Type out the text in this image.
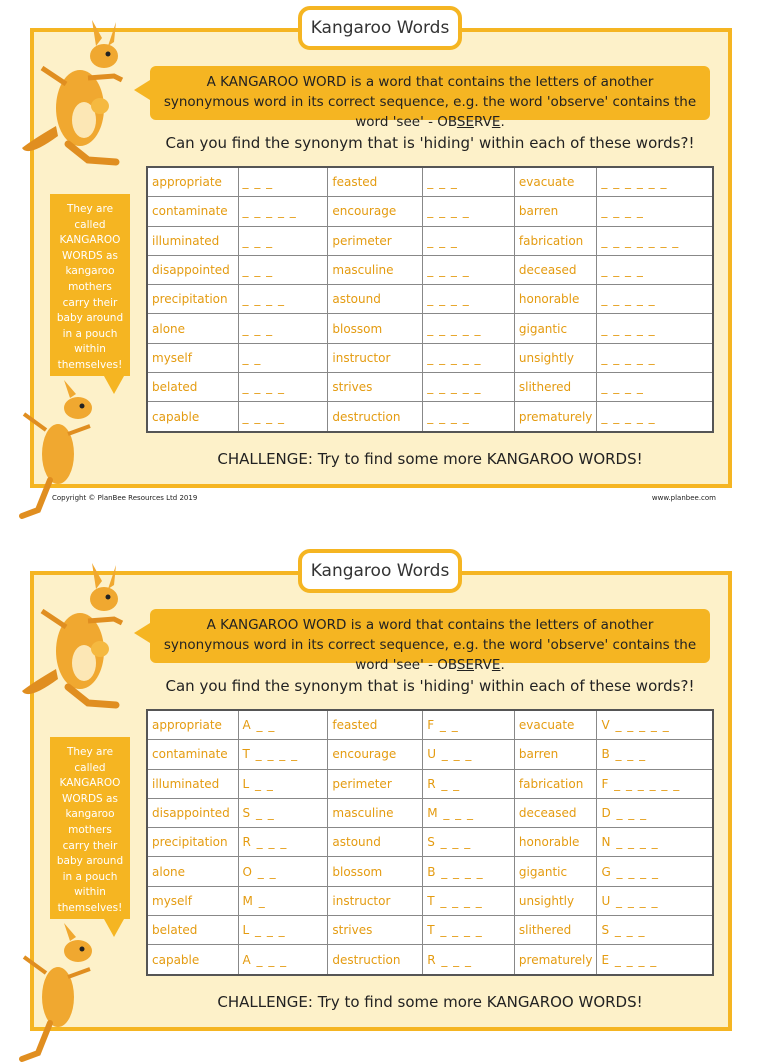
Kangaroo Words
A KANGAROO WORD is a word that contains the letters of another synonymous word in its correct sequence, e.g. the word 'observe' contains the word 'see' - OBSERVE.
Can you find the synonym that is 'hiding' within each of these words?!
They are called KANGAROO WORDS as kangaroo mothers carry their baby around in a pouch within themselves!
appropriate	_ _ _	feasted	_ _ _	evacuate	_ _ _ _ _ _
contaminate	_ _ _ _ _	encourage	_ _ _ _	barren	_ _ _ _
illuminated	_ _ _	perimeter	_ _ _	fabrication	_ _ _ _ _ _ _
disappointed	_ _ _	masculine	_ _ _ _	deceased	_ _ _ _
precipitation	_ _ _ _	astound	_ _ _ _	honorable	_ _ _ _ _
alone	_ _ _	blossom	_ _ _ _ _	gigantic	_ _ _ _ _
myself	_ _	instructor	_ _ _ _ _	unsightly	_ _ _ _ _
belated	_ _ _ _	strives	_ _ _ _ _	slithered	_ _ _ _
capable	_ _ _ _	destruction	_ _ _ _	prematurely	_ _ _ _ _
CHALLENGE: Try to find some more KANGAROO WORDS!
Copyright © PlanBee Resources Ltd 2019	www.planbee.com
Kangaroo Words
A KANGAROO WORD is a word that contains the letters of another synonymous word in its correct sequence, e.g. the word 'observe' contains the word 'see' - OBSERVE.
Can you find the synonym that is 'hiding' within each of these words?!
They are called KANGAROO WORDS as kangaroo mothers carry their baby around in a pouch within themselves!
appropriate	A _ _	feasted	F _ _	evacuate	V _ _ _ _ _
contaminate	T _ _ _ _	encourage	U _ _ _	barren	B _ _ _
illuminated	L _ _	perimeter	R _ _	fabrication	F _ _ _ _ _ _
disappointed	S _ _	masculine	M _ _ _	deceased	D _ _ _
precipitation	R _ _ _	astound	S _ _ _	honorable	N _ _ _ _
alone	O _ _	blossom	B _ _ _ _	gigantic	G _ _ _ _
myself	M _	instructor	T _ _ _ _	unsightly	U _ _ _ _
belated	L _ _ _	strives	T _ _ _ _	slithered	S _ _ _
capable	A _ _ _	destruction	R _ _ _	prematurely	E _ _ _ _
CHALLENGE: Try to find some more KANGAROO WORDS!
